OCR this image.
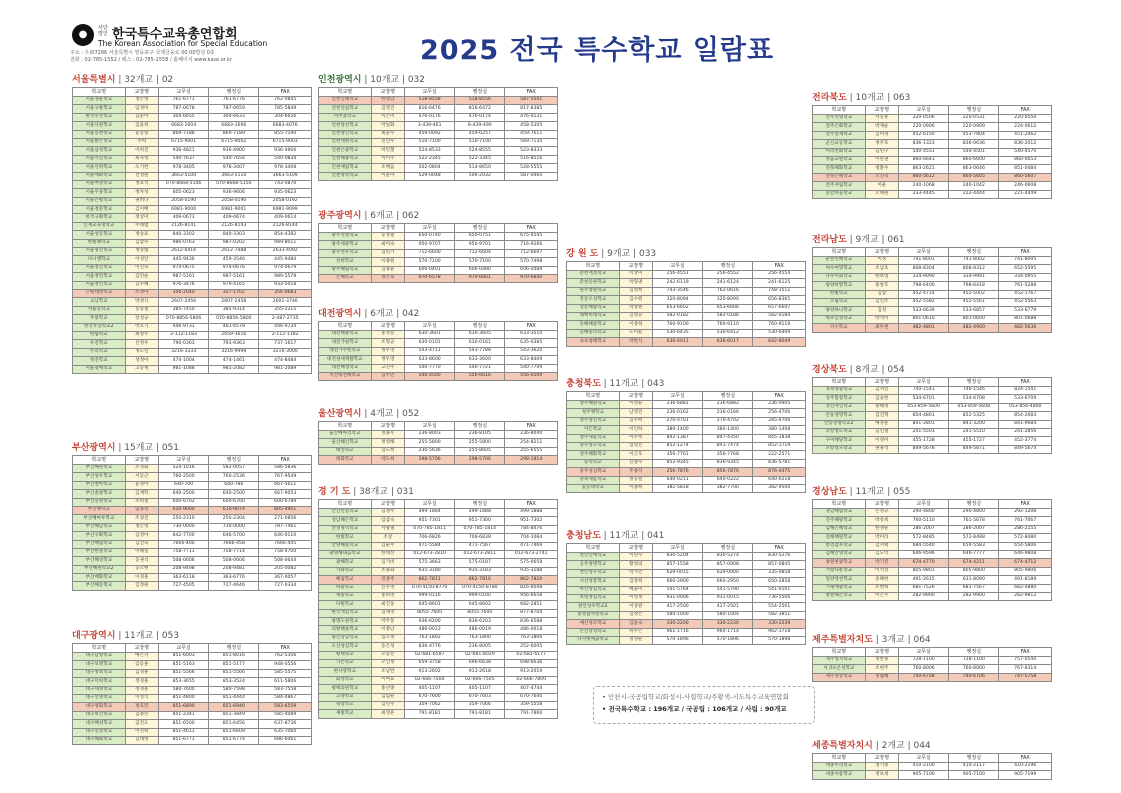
●
사단법인 한국특수교육총연합회
The Korean Association for Special Education
주소 : 우)07286 서울특별시 영등포구 국제금융로 00 00빌딩 0층
전화 : 02-785-1552 / 팩스 : 02-785-1558 / 홈페이지 www.kase.or.kr	2025 전국 특수학교 일람표
서울특별시 | 32개교 | 02
학교명	교장명	교무실	행정실	FAX
서울경운학교	정은영	761-6771	761-6776	762-0845
서울구룡학교	임경미	787-0678	787-0659	785-5849
한국우진학교	김순아	304-6655	304-6633	304-6656
서울다원학교	김윤희	6683-1604	6683-1606	6683-4076
서울동천학교	윤동일	869-7188	869-7189	855-7190
서울밝은학교	주희	6715-9001	6715-9002	6715-9003
서울삼성학교	이희진	936-4821	936-4900	936-4906
서울서진학교	최자성	540-7637	540-7654	540-0834
서울선희학교	오기완	978-3405	978-3407	978-3408
서울애화학교	전성원	3663-5100	3663-5110	3663-5109
서울여명학교	정호석	070-8668-5146	070-8668-5150	743-0870
서울우솔학교	정차성	605-0623	936-9606	935-0623
서울은평학교	권희나	2058-0190	2058-0190	2058-0192
서울정문학교	김이배	6981-9000	6981-9001	6981-9099
한국구화학교	정상미	409-0673	409-0674	409-0614
인재교육명학교	주례범	2126-8141	2126-8143	2126-8144
서울성동학교	정승표	840-3302	840-3303	854-4382
한빛맹학교	김삼수	986-0763	987-0202	989-8011
서울명신학교	정승범	2612-6416	2612-7488	2633-4092
다니엘학교	이성안	445-9436	459-3546	445-9480
서울정진학교	이진숙	974-0675	974-0676	974-0679
서울정민학교	김민순	987-5161	987-5161	989-5579
서울정인학교	김수혜	976-3476	979-4165	933-5018
은평대명학교	조정아	356-2040	357-1702	356-0683
교남학교	박경식	2607-2456	2607-2458	2601-3746
서울농학교	동승철	385-7450	385-9314	355-2315
주몽학교	강성규	070-8856-5806	070-8856-5800	2-487-2735
한국우진학교2	박호기	446-9731	461-6578	446-9734
한림학교	최형주	2-112-1183	2659-3616	2-112-1182
우진학교	신정우	790-0363	793-9363	737-1617
누리학교	정노연	3216-3333	3216-9999	3216-3000
정진학교	성정아	474-1004	474-1461	474-8484
서울정애학교	고동재	981-1088	981-2082	981-2089
부산광역시 | 15개교 | 051
학교명	교장명	교무실	행정실	FAX
부산혜원학교	조경화	524-1016	582-0057	586-5836
부산성우학교	서동근	760-2500	760-2536	767-9549
부산천마학교	윤정아	640-700	640-786	667-5611
부산솔빛학교	김재학	640-2500	640-2500	667-9053
부산동원학교	조희철	600-6702	600-6700	600-6789
부산맹학교	임종선	610-9000	610-9074	805-4901
부산해마루학교	조성진	250-2310	250-2304	271-0856
부산혜남학교	정은영	730-0000	730-0000	787-7461
부산구화학교	김정아	642-7700	646-5700	646-0110
부산혜림학교	김진숙	7666-400	7666-458	7666-445
부산한솔학교	이혜실	758-7711	758-7714	758-4700
부산혜성학교	동권석	508-0606	508-0606	508-0644
부산혜원학교2	동소현	208-9498	208-9481	205-0082
부산배화학교	이경훈	363-6118	363-6776	367-0057
부산혜송학교	김정원	727-4505	727-4646	727-0334
대구광역시 | 11개교 | 053
학교명	교장명	교무실	행정실	FAX
대구남양학교	배은자	851-6003	851-8016	762-5356
대구보명학교	김동훈	851-5163	851-5177	948-0556
대구성보학교	김경훈	851-5566	851-5566	585-5575
대구덕희학교	정경훈	853-3655	853-3524	611-5806
대구세명학교	정경훈	580-7600	580-7598	583-7558
대구선명학교	이성식	851-4800	851-4444	584-4867
대구영화학교	정호민	851-6890	851-6940	583-6559
대구보건학교	김종민	851-2341	851-3849	585-4089
대구혜성학교	김진도	851-6500	851-6456	637-8736
대구동명학교	이선희	851-4611	851-6609	635-7060
대구혜화학교	김대영	851-6771	851-6774	686-6061
인천광역시 | 10개교 | 032
학교명	교장명	교무실	행정실	FAX
인천인혜학교	한영남	518-8558	518-8556	587-5541
인천연일학교	김영진	816-6476	816-6472	817-8385
미추홀학교	이은미	476-0176	476-0174	476-0131
인천청선학교	박일화	3-439-461	8-439-490	458-5305
인천청인학교	최윤수	459-0092	459-0257	459-7611
인천세원학교	전신우	510-7100	510-7100	569-7135
인천은광학교	박민철	524-8533	524-8555	523-8333
인천혜광학교	이이주	522-2345	522-3345	516-8516
인천예림학교	조배음	502-0804	514-8650	528-5555
인천청학학교	이윤아	529-0048	506-2032	587-0460
광주광역시 | 6개교 | 062
학교명	교장명	교무실	행정실	FAX
광주선명학교	동상필	650-0740	650-0751	675-4545
광주세광학교	최미숙	950-9707	950-9701	716-9266
광주선우학교	김민기	712-6600	712-6604	712-6607
선희학교	이종원	570-7100	570-7100	570-7498
광주혜림학교	김종윤	606-0401	606-0480	606-0489
은혜학교	정은숙	970-6578	970-6801	970-6840
대전광역시 | 6개교 | 042
학교명	교장명	교무실	행정실	FAX
대전혜광학교	홍성문	630-3601	630-3605	633-3510
대전가원학교	조형군	630-0101	630-0161	635-0385
대전가수원학교	정두영	543-4711	543-7788	543-3620
대전성세재활학교	정두영	633-8600	633-3600	633-8409
대전혜생학교	고진주	540-7770	540-7721	540-7709
서산대전혜학교	김두민	540-4500	556-6616	556-6509
울산광역시 | 4개교 | 052
학교명	교장명	교무실	행정실	FAX
울산메아리학교	정용두	236-8003	236-8105	236-8040
울산혜인학교	정영해	255-5800	255-5800	254-8211
태연학교	김도희	230-5636	255-8605	255-6555
태화학교	박도희	298-5706	298-5706	298-1814
경 기 도 | 38개교 | 031
학교명	교장명	교무실	행정실	FAX
안산선일학교	김정두	499-1884	499-1888	499-1888
성남혜은학교	임삼숙	951-7301	951-7300	951-7302
안성명덕학교	서광철	070-785-1811	070-785-1814	784-8476
한빛학교	조상	706-6826	706-6838	704-1084
안양해솔학교	김순주	471-5584	471-7567	471-7469
광명해내음학교	한대선	012-673-2810	012-673-2811	012-673-2741
광혜학교	김기비	575-3663	575-0187	575-0659
가좌학교	조용화	935-3180	935-3183	935-3188
혜림학교	전종주	862-7811	862-7816	862-7820
하늘학교	신주영	070-4150-8770	070-4150-8780	816-6048
새솔학교	홍희영	999-0116	999-0100	956-6658
다원학교	최진웅	645-8601	645-8602	682-2851
한국게임학교	김세영	8055-7600	8055-7600	877-8704
광명도원학교	박주봉	936-6200	836-6203	836-6588
의왕혜솔학교	이종남	486-0023	486-0019	486-0018
용인강남학교	임오정	763-1802	763-1800	763-1806
오산성심학교	동은성	836-4776	236-8005	252-6005
평택학교	오승진	02-681-6587	02-681-8029	02-681-6177
가온학교	오인정	659-3758	696-6638	698-6636
한사랑학교	조남완	913-2602	913-2618	913-2019
화성학교	이여표	02-666-7504	02-666-7505	02-666-7800
평택의원학교	홍선종	405-1107	405-1107	407-4744
고양학교	김임순	670-7600	670-7603	670-7640
정강학교	김민주	359-7062	359-7066	359-5558
새빛학교	최영흔	791-8181	791-8181	791-7860
강 원 도 | 9개교 | 033
학교명	교장명	교무실	행정실	FAX
춘천계성학교	이상미	256-4551	256-4552	256-4554
춘천동원학교	박형권	242-6119	241-6124	241-6125
원주청원학교	김영희	743-3546	762-0616	748-1511
강릉오성학교	김수원	320-8094	320-8090	656-8365
강릉해람학교	박장원	653-6602	653-6606	657-6607
태백미래학교	김영규	582-0182	582-0186	582-0184
동해해솔학교	이종희	760-9100	760-9110	760-9119
동해중리학교	도미순	530-6435	530-6412	530-6409
속초청해학교	박한식	636-6011	636-6017	642-8049
충청북도 | 11개교 | 043
학교명	교장명	교무실	행정실	FAX
청주혜원학교	이영순	236-6881	236-6882	236-0905
청주맹학교	남영진	236-0162	236-0166	256-4706
청주성신학교	김주희	270-4701	270-4702	285-4706
이든학교	이인하	380-1400	380-1400	380-1408
청주새롬학교	이수옥	842-1387	847-4350	845-1838
충주성모학교	임영진	852-1274	841-7474	852-1719
청주혜화학교	이근호	356-7761	356-7768	222-2571
숭덕학교	신종수	852-9345	836-9345	836-5781
충주성심학교	주종석	256-7876	856-7876	876-4475
충북새롬학교	정동렬	640-0211	640-0222	640-0218
꽃동네학교	이종희	382-5818	382-7700	382-9500
충청남도 | 11개교 | 041
학교명	교장명	교무실	행정실	FAX
천안인애학교	이민수	830-5204	830-5274	830-5276
공주정명학교	황정의	857-1558	857-0008	857-0845
천안성우학교	박가인	629-0015	629-0000	335-0858
서산성봉학교	김장희	660-2900	660-2950	650-2858
아산성심학교	배윤미	541-5764	541-5790	541-0101
보령정심학교	이영정	931-0006	931-0015	736-5506
천안성우학교2	이상관	417-2500	417-2501	554-2501
홍성참사랑학교	김정은	580-1000	580-1004	582-3851
예산성모학교	김윤숙	330-2200	330-2230	330-2239
논산강경학교	하주은	961-1716	964-1714	962-1718
나사렛새꿈학교	정성순	570-1896	570-1896	570-1898
전라북도 | 10개교 | 063
학교명	교장명	교무실	행정실	FAX
전주선명학교	서동훈	220-0506	220-0531	220-0550
전주은화학교	박계순	220-0906	220-0909	224-0612
전주잎새학교	김미경	452-6150	453-7804	451-2462
군산교동학교	정주호	836-1323	836-0636	836-2012
이리선화학교	김민구	540-4551	540-4501	540-4570
정읍교원학교	이만권	860-6641	860-6600	860-6653
전북혜화학교	정환수	863-2621	863-0646	851-0484
전북은혜학교	오진숙	860-5612	860-5605	860-5607
전주자림학교	이운	240-1068	240-1042	246-0608
동암차돌학교	오태원	233-4445	222-4444	221-4449
전라남도 | 9개교 | 061
학교명	교장명	교무실	행정실	FAX
순천선혜학교	이정	741-8001	741-8002	741-8005
여수여명학교	조남호	808-8304	808-8312	652-5595
나주이화학교	한보영	334-9090	334-9991	334-0955
광양희망학교	홍창호	798-6400	798-6418	761-5288
한빛학교	김삼	452-4714	452-5002	452-1767
소림학교	김인조	452-5582	452-5561	452-5563
광양하나학교	김성	533-6639	533-6857	533-6779
목포인성학교	박석이	801-0610	801-0600	801-0688
덕수학교	최두현	482-4801	482-4900	482-5636
경상북도 | 8개교 | 054
학교명	교장명	교무실	행정실	FAX
경북영광학교	김서연	740-1541	740-1546	824-1541
상주함창학교	김승한	534-6701	534-6708	533-6709
경산자인학교	황혜정	053-859-5600	053-859-5608	053-856-4800
안동영명학교	김진혁	854-4801	852-5325	854-2683
안동영명학교2	배성훈	841-2801	841-3200	841-9684
포항명도학교	김인철	241-5501	241-5510	241-2856
구미혜당학교	이정미	455-1728	455-1727	452-3774
포항성모학교	권휴석	849-5678	849-5871	849-5674
경상남도 | 11개교 | 055
학교명	교장명	교무실	행정실	FAX
경남혜림학교	손정규	290-4800	290-4800	292-1208
진주혜광학교	박유희	760-5110	761-5678	761-7067
김해은혜학교	한경순	286-2007	286-2007	286-2155
진해혜원학교	박미라	572-8485	572-8488	572-8480
통영잠포학교	김지택	684-5540	654-5583	654-5806
김해안명학교	김노탁	646-9596	646-7777	646-9808
창원천광학교	박기진	674-4770	674-4211	674-4712
거창다운학교	이석상	805-9801	805-9800	805-9806
밀양영천학교	송혜현	491-2615	631-8090	491-8189
거제애광학교	조현희	681-7526	681-7567	682-4880
창원혜은학교	이은주	282-9900	282-9900	282-9812
제주특별자치도 | 3개교 | 064
학교명	교장명	교무실	행정실	FAX
제주영지학교	정완종	728-1100	728-1100	757-0540
서귀포온성학교	조현주	760-8006	760-8000	767-8314
제주영송학교	정월혜	740-6708	740-6706	747-5758
세종특별자치시 | 2개교 | 044
학교명	교장명	교무실	행정실	FAX
세종누리학교	정기종	410-2100	410-2117	410-2196
세종이룸학교	정보세	905-7100	905-7100	905-7199
• 인천시-국공립학교/화성시-사립학교/주황색-시도특수교육연합회
• 전국특수학교 : 196개교 / 국공립 : 106개교 / 사립 : 90개교
